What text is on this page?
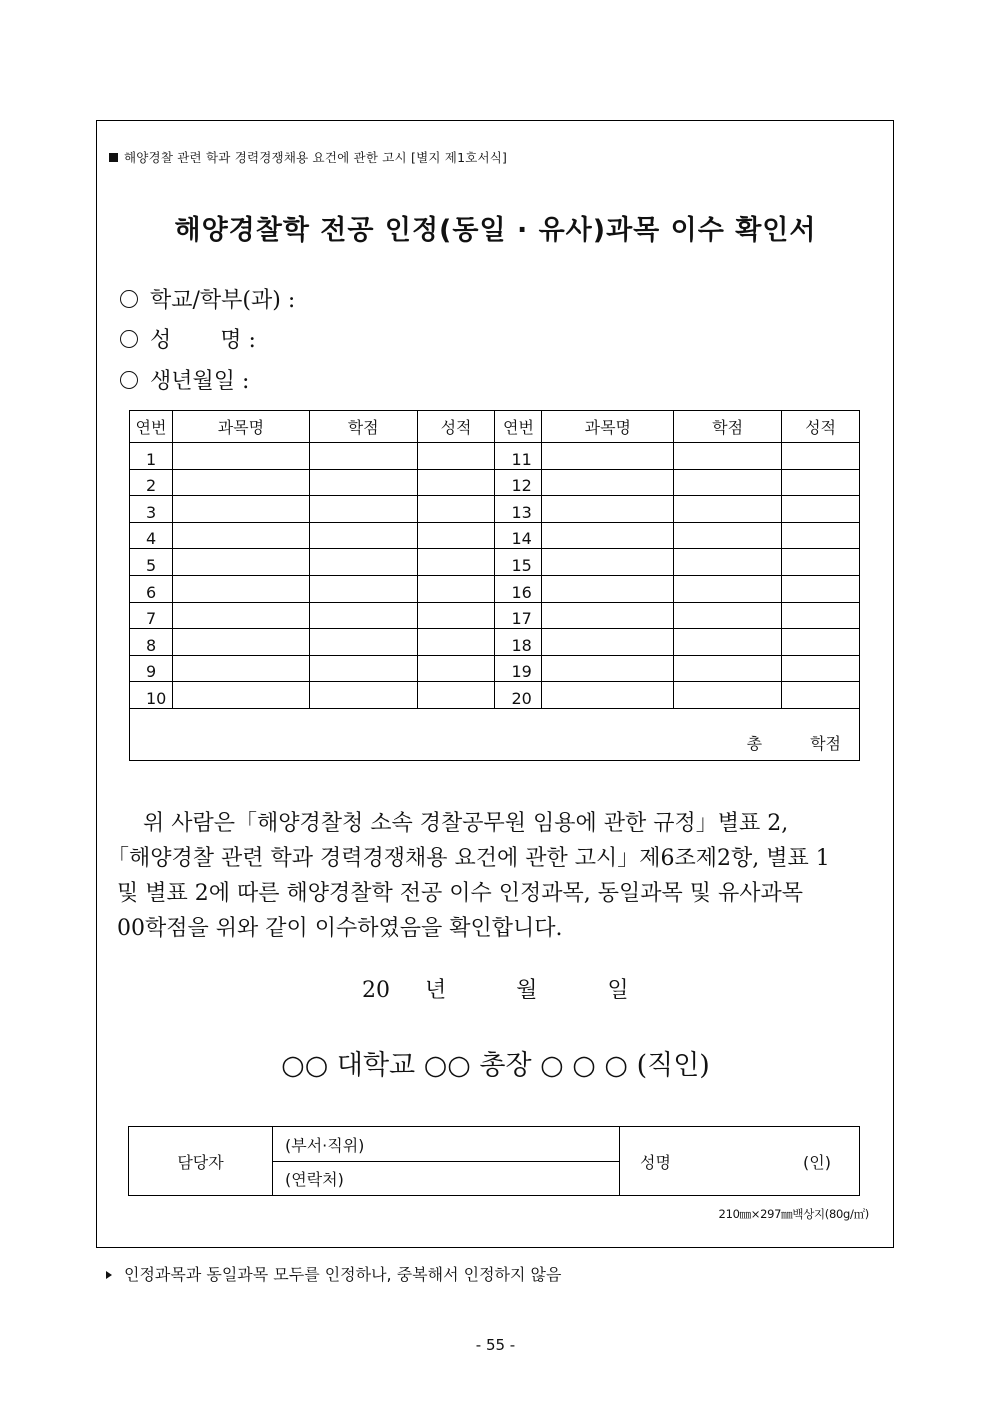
해양경찰 관련 학과 경력경쟁채용 요건에 관한 고시 [별지 제1호서식]
해양경찰학 전공 인정(동일 · 유사)과목 이수 확인서
학교/학부(과) :
성       명 :
생년월일 :
연번	과목명	학점	성적	연번	과목명	학점	성적
1				11			
2				12			
3				13			
4				14			
5				15			
6				16			
7				17			
8				18			
9				19			
10				20			
총 학점							

위 사람은「해양경찰청 소속 경찰공무원 임용에 관한 규정」별표 2,

「해양경찰 관련 학과 경력경쟁채용 요건에 관한 고시」제6조제2항, 별표 1

및 별표 2에 따른 해양경찰학 전공 이수 인정과목, 동일과목 및 유사과목

00학점을 위와 같이 이수하였음을 확인합니다.

20     년          월          일
○○ 대학교 ○○ 총장 ○ ○ ○ (직인)
담당자	(부서·직위)	성명	(인)
(연락처)
210㎜×297㎜백상지(80g/㎡)
인정과목과 동일과목 모두를 인정하나, 중복해서 인정하지 않음
- 55 -
